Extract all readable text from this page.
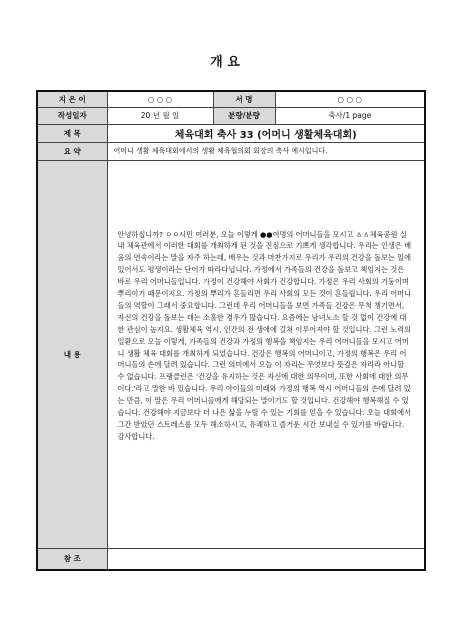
개 요
지 은 이	○ ○ ○	서 명	○ ○ ○
작성일자	20 년 월 일	분량/분량	축사/1 page
제 목	체육대회 축사 33 (어머니 생활체육대회)		
요 약	어머니 생활 체육대회에서의 생활 체육협의회 회장의 축사 예시입니다.		
내 용	안녕하십니까? ㅇㅇ시민 여러분, 오늘 이렇게 ●●여명의 어머니들을 모시고 ㅿㅿ체육공원 실내 체육관에서 이러한 대회를 개최하게 된 것을 진심으로 기쁘게 생각합니다. 우리는 인생은 배움의 연속이라는 말을 자주 하는데, 배우는 것과 마찬가지로 우리가 우리의 건강을 돌보는 일에 있어서도 평생이라는 단어가 따라다닙니다. 가정에서 가족들의 건강을 돌보고 책임지는 것은 바로 우리 어머니들입니다. 가정이 건강해야 사회가 건강합니다. 가정은 우리 사회의 기둥이며 뿌리이기 때문이지요. 가정의 뿌리가 흔들리면 우리 사회의 모든 것이 흔들립니다. 우리 어머니들의 역할이 그래서 중요합니다. 그런데 우리 어머니들을 보면 가족들 건강은 무척 챙기면서, 자신의 건강을 돌보는 데는 소홀한 경우가 많습니다. 요즘에는 남녀노소 할 것 없이 건강에 대한 관심이 높지요. 생활체육 역시, 인간의 전 생애에 걸쳐 이루어져야 할 것입니다. 그런 노력의 일환으로 오늘 이렇게, 가족들의 건강과 가정의 행복을 책임지는 우리 어머니들을 모시고 어머니 생활 체육 대회를 개최하게 되었습니다. 건강은 행복의 어머니이고, 가정의 행복은 우리 어머니들의 손에 달려 있습니다. 그런 의미에서 오늘 이 자리는 무엇보다 뜻깊은 자리라 아니할 수 없습니다. 프랭클린은 '건강을 유지하는 것은 자신에 대한 의무이며, 또한 사회에 대한 의무이다.'라고 말한 바 있습니다. 우리 아이들의 미래와 가정의 행복 역시 어머니들의 손에 달려 있는 만큼, 이 말은 우리 어머니들에게 해당되는 말이기도 할 것입니다. 건강해야 행복해질 수 있습니다. 건강해야 지금보다 더 나은 삶을 누릴 수 있는 기회를 얻을 수 있습니다. 오늘 대회에서 그간 받았던 스트레스를 모두 해소하시고, 유쾌하고 즐거운 시간 보내실 수 있기를 바랍니다. 감사합니다.		

참 조			
